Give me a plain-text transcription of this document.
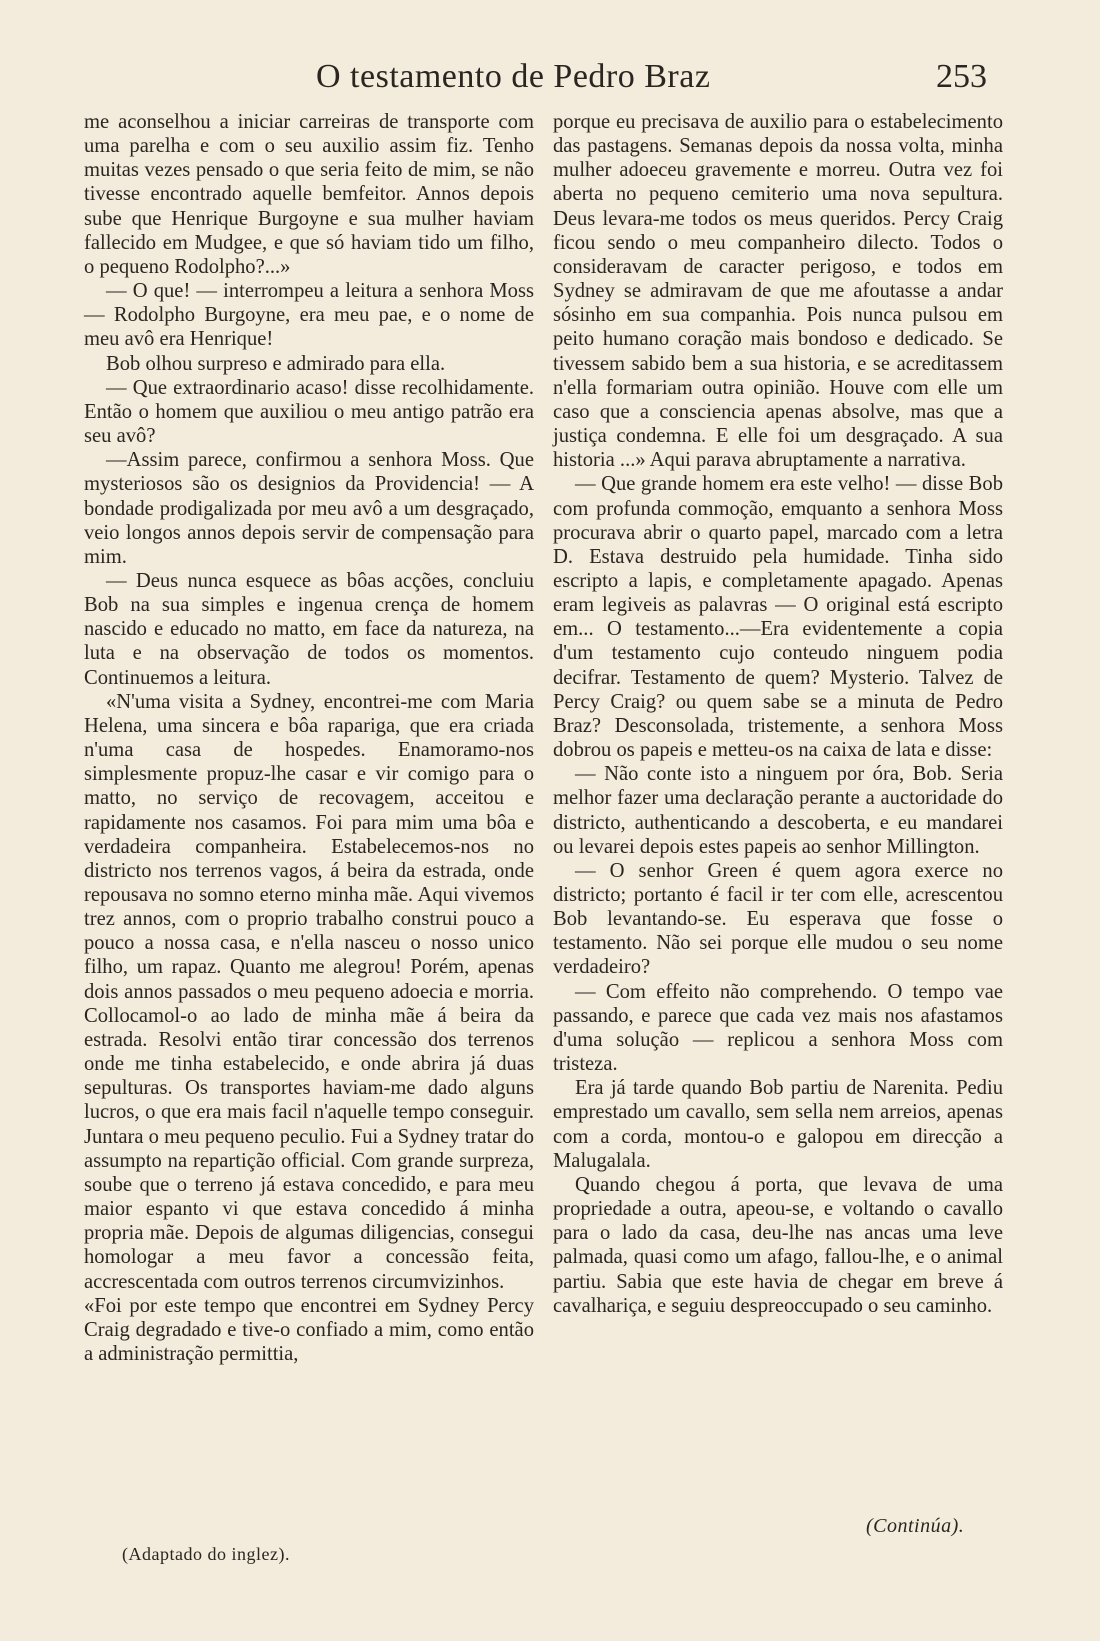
O testamento de Pedro Braz	253

me aconselhou a iniciar carreiras de transporte com uma parelha e com o seu auxilio assim fiz. Tenho muitas vezes pensado o que seria feito de mim, se não tivesse encontrado aquelle bemfeitor. Annos depois sube que Henrique Burgoyne e sua mulher haviam fallecido em Mudgee, e que só haviam tido um filho, o pequeno Rodolpho?...»

— O que! — interrompeu a leitura a senhora Moss — Rodolpho Burgoyne, era meu pae, e o nome de meu avô era Henrique!

Bob olhou surpreso e admirado para ella.

— Que extraordinario acaso! disse recolhidamente. Então o homem que auxiliou o meu antigo patrão era seu avô?

—Assim parece, confirmou a senhora Moss. Que mysteriosos são os designios da Providencia! — A bondade prodigalizada por meu avô a um desgraçado, veio longos annos depois servir de compensação para mim.

— Deus nunca esquece as bôas acções, concluiu Bob na sua simples e ingenua crença de homem nascido e educado no matto, em face da natureza, na luta e na observação de todos os momentos. Continuemos a leitura.

«N'uma visita a Sydney, encontrei-me com Maria Helena, uma sincera e bôa rapariga, que era criada n'uma casa de hospedes. Enamoramo-nos simplesmente propuz-lhe casar e vir comigo para o matto, no serviço de recovagem, acceitou e rapidamente nos casamos. Foi para mim uma bôa e verdadeira companheira. Estabelecemos-nos no districto nos terrenos vagos, á beira da estrada, onde repousava no somno eterno minha mãe. Aqui vivemos trez annos, com o proprio trabalho construi pouco a pouco a nossa casa, e n'ella nasceu o nosso unico filho, um rapaz. Quanto me alegrou! Porém, apenas dois annos passados o meu pequeno adoecia e morria. Collocamol-o ao lado de minha mãe á beira da estrada. Resolvi então tirar concessão dos terrenos onde me tinha estabelecido, e onde abrira já duas sepulturas. Os transportes haviam-me dado alguns lucros, o que era mais facil n'aquelle tempo conseguir. Juntara o meu pequeno peculio. Fui a Sydney tratar do assumpto na repartição official. Com grande surpreza, soube que o terreno já estava concedido, e para meu maior espanto vi que estava concedido á minha propria mãe. Depois de algumas diligencias, consegui homologar a meu favor a concessão feita, accrescentada com outros terrenos circumvizinhos.

«Foi por este tempo que encontrei em Sydney Percy Craig degradado e tive-o confiado a mim, como então a administração permittia,

porque eu precisava de auxilio para o estabelecimento das pastagens. Semanas depois da nossa volta, minha mulher adoeceu gravemente e morreu. Outra vez foi aberta no pequeno cemiterio uma nova sepultura. Deus levara-me todos os meus queridos. Percy Craig ficou sendo o meu companheiro dilecto. Todos o consideravam de caracter perigoso, e todos em Sydney se admiravam de que me afoutasse a andar sósinho em sua companhia. Pois nunca pulsou em peito humano coração mais bondoso e dedicado. Se tivessem sabido bem a sua historia, e se acreditassem n'ella formariam outra opinião. Houve com elle um caso que a consciencia apenas absolve, mas que a justiça condemna. E elle foi um desgraçado. A sua historia ...» Aqui parava abruptamente a narrativa.

— Que grande homem era este velho! — disse Bob com profunda commoção, emquanto a senhora Moss procurava abrir o quarto papel, marcado com a letra D. Estava destruido pela humidade. Tinha sido escripto a lapis, e completamente apagado. Apenas eram legiveis as palavras — O original está escripto em... O testamento...—Era evidentemente a copia d'um testamento cujo conteudo ninguem podia decifrar. Testamento de quem? Mysterio. Talvez de Percy Craig? ou quem sabe se a minuta de Pedro Braz? Desconsolada, tristemente, a senhora Moss dobrou os papeis e metteu-os na caixa de lata e disse:

— Não conte isto a ninguem por óra, Bob. Seria melhor fazer uma declaração perante a auctoridade do districto, authenticando a descoberta, e eu mandarei ou levarei depois estes papeis ao senhor Millington.

— O senhor Green é quem agora exerce no districto; portanto é facil ir ter com elle, acrescentou Bob levantando-se. Eu esperava que fosse o testamento. Não sei porque elle mudou o seu nome verdadeiro?

— Com effeito não comprehendo. O tempo vae passando, e parece que cada vez mais nos afastamos d'uma solução — replicou a senhora Moss com tristeza.

Era já tarde quando Bob partiu de Narenita. Pediu emprestado um cavallo, sem sella nem arreios, apenas com a corda, montou-o e galopou em direcção a Malugalala.

Quando chegou á porta, que levava de uma propriedade a outra, apeou-se, e voltando o cavallo para o lado da casa, deu-lhe nas ancas uma leve palmada, quasi como um afago, fallou-lhe, e o animal partiu. Sabia que este havia de chegar em breve á cavalhariça, e seguiu despreoccupado o seu caminho.

(Continúa).
(Adaptado do inglez).
